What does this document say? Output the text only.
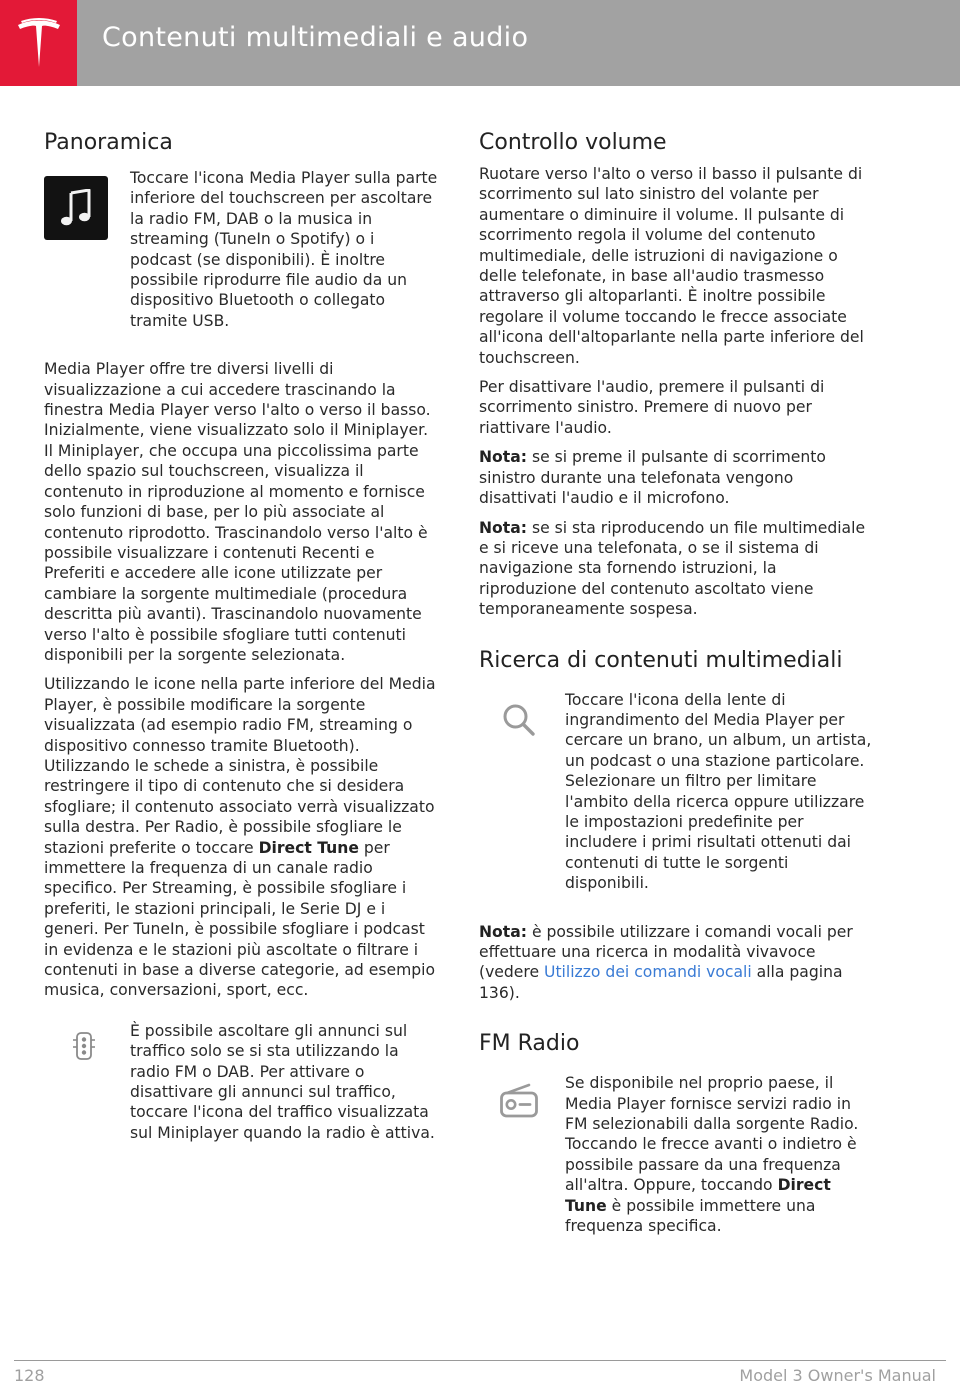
Contenuti multimediali e audio
Panoramica
Toccare l'icona Media Player sulla parte inferiore del touchscreen per ascoltare la radio FM, DAB o la musica in streaming (TuneIn o Spotify) o i podcast (se disponibili). È inoltre possibile riprodurre file audio da un dispositivo Bluetooth o collegato tramite USB.

Media Player offre tre diversi livelli di visualizzazione a cui accedere trascinando la finestra Media Player verso l'alto o verso il basso. Inizialmente, viene visualizzato solo il Miniplayer. Il Miniplayer, che occupa una piccolissima parte dello spazio sul touchscreen, visualizza il contenuto in riproduzione al momento e fornisce solo funzioni di base, per lo più associate al contenuto riprodotto. Trascinandolo verso l'alto è possibile visualizzare i contenuti Recenti e Preferiti e accedere alle icone utilizzate per cambiare la sorgente multimediale (procedura descritta più avanti). Trascinandolo nuovamente verso l'alto è possibile sfogliare tutti contenuti disponibili per la sorgente selezionata.

Utilizzando le icone nella parte inferiore del Media Player, è possibile modificare la sorgente visualizzata (ad esempio radio FM, streaming o dispositivo connesso tramite Bluetooth). Utilizzando le schede a sinistra, è possibile restringere il tipo di contenuto che si desidera sfogliare; il contenuto associato verrà visualizzato sulla destra. Per Radio, è possibile sfogliare le stazioni preferite o toccare Direct Tune per immettere la frequenza di un canale radio specifico. Per Streaming, è possibile sfogliare i preferiti, le stazioni principali, le Serie DJ e i generi. Per TuneIn, è possibile sfogliare i podcast in evidenza e le stazioni più ascoltate o filtrare i contenuti in base a diverse categorie, ad esempio musica, conversazioni, sport, ecc.

È possibile ascoltare gli annunci sul traffico solo se si sta utilizzando la radio FM o DAB. Per attivare o disattivare gli annunci sul traffico, toccare l'icona del traffico visualizzata sul Miniplayer quando la radio è attiva.
Controllo volume

Ruotare verso l'alto o verso il basso il pulsante di scorrimento sul lato sinistro del volante per aumentare o diminuire il volume. Il pulsante di scorrimento regola il volume del contenuto multimediale, delle istruzioni di navigazione o delle telefonate, in base all'audio trasmesso attraverso gli altoparlanti. È inoltre possibile regolare il volume toccando le frecce associate all'icona dell'altoparlante nella parte inferiore del touchscreen.

Per disattivare l'audio, premere il pulsanti di scorrimento sinistro. Premere di nuovo per riattivare l'audio.

Nota: se si preme il pulsante di scorrimento sinistro durante una telefonata vengono disattivati l'audio e il microfono.

Nota: se si sta riproducendo un file multimediale e si riceve una telefonata, o se il sistema di navigazione sta fornendo istruzioni, la riproduzione del contenuto ascoltato viene temporaneamente sospesa.

Ricerca di contenuti multimediali
Toccare l'icona della lente di ingrandimento del Media Player per cercare un brano, un album, un artista, un podcast o una stazione particolare. Selezionare un filtro per limitare l'ambito della ricerca oppure utilizzare le impostazioni predefinite per includere i primi risultati ottenuti dai contenuti di tutte le sorgenti disponibili.

Nota: è possibile utilizzare i comandi vocali per effettuare una ricerca in modalità vivavoce (vedere Utilizzo dei comandi vocali alla pagina 136).

FM Radio
Se disponibile nel proprio paese, il Media Player fornisce servizi radio in FM selezionabili dalla sorgente Radio. Toccando le frecce avanti o indietro è possibile passare da una frequenza all'altra. Oppure, toccando Direct Tune è possibile immettere una frequenza specifica.
128	Model 3 Owner's Manual
